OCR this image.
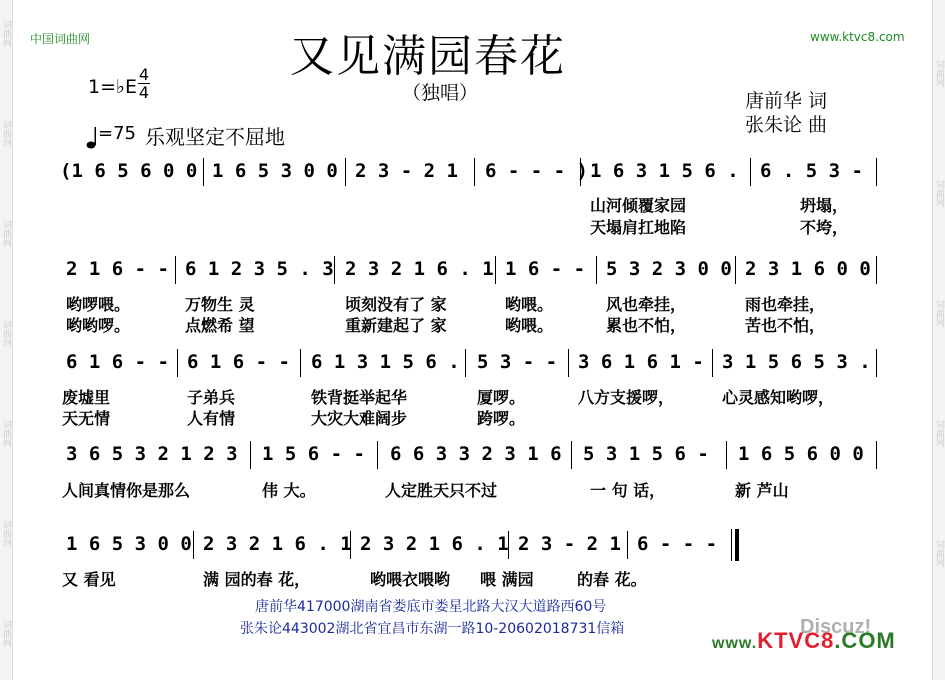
词曲网
词曲网
词曲网
词曲网
词曲网
词曲网
词曲网
词曲网
词曲网
词曲网
词曲网
词曲网
中国词曲网	www.ktvc8.com
又见满园春花
（独唱）
1=♭E
4
4
=75 乐观坚定不屈地
唐前华 词
张朱论 曲
(1 6 5 6 0 0 1 6 5 3 0 0 2 3 - 2 1 6 - - - ) 1 6 3 1 5 6 . 6 . 5 3 -
山河倾覆家园	坍塌，
天塌肩扛地陷	不垮，
2 1 6 - - 6 1 2 3 5 . 3 2 3 2 1 6 . 1 1 6 - - 5 3 2 3 0 0 2 3 1 6 0 0
哟啰喂。	万物生 灵	顷刻没有了 家	哟喂。	风也牵挂，	雨也牵挂，
哟哟啰。	点燃希 望	重新建起了 家	哟喂。	累也不怕，	苦也不怕，
6 1 6 - - 6 1 6 - - 6 1 3 1 5 6 . 5 3 - - 3 6 1 6 1 - 3 1 5 6 5 3 .
废墟里	子弟兵	铁背挺举起华	厦啰。	八方支援啰，	心灵感知哟啰，
天无情	人有情	大灾大难阔步	跨啰。
3 6 5 3 2 1 2 3 1 5 6 - - 6 6 3 3 2 3 1 6 5 3 1 5 6 - 1 6 5 6 0 0
人间真情你是那么	伟 大。	人定胜天只不过	一 句 话，	新 芦山
1 6 5 3 0 0 2 3 2 1 6 . 1 2 3 2 1 6 . 1 2 3 - 2 1 6 - - -
又 看见	满 园的春 花，	哟喂衣喂哟 喂 满园	的春 花。
唐前华417000湖南省娄底市娄星北路大汉大道路西60号
张朱论443002湖北省宜昌市东湖一路10-20602018731信箱	Discuz!
www. KTVC8 .COM
